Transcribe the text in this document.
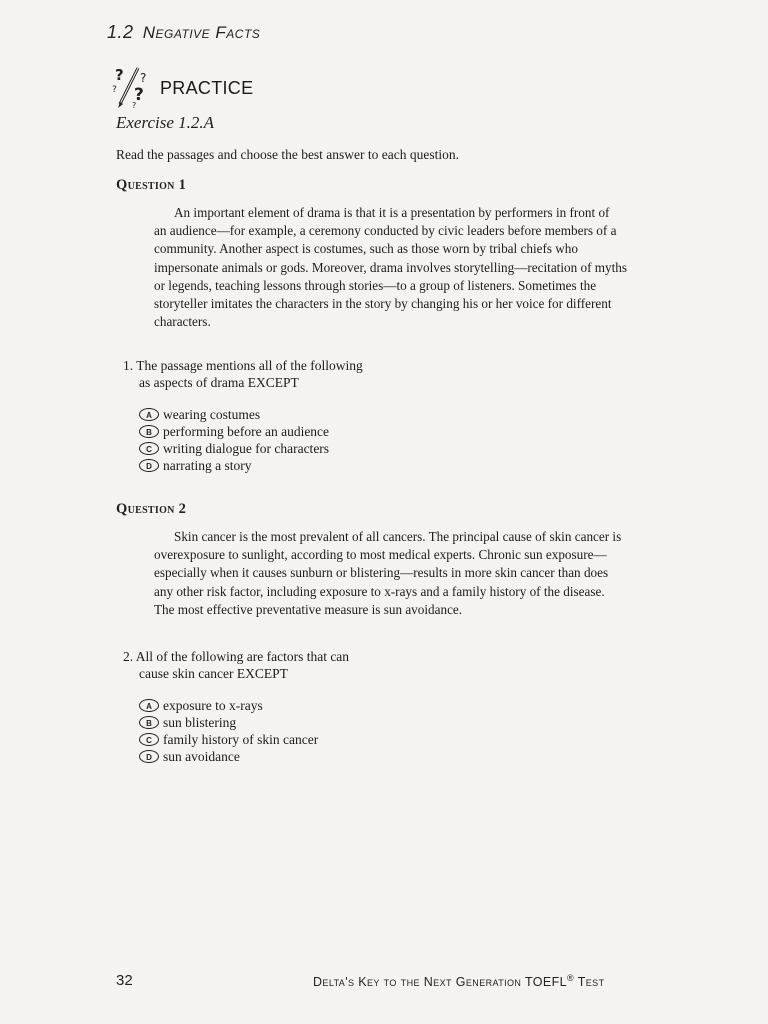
1.2 Negative Facts
?
?
?
?
?
PRACTICE
Exercise 1.2.A
Read the passages and choose the best answer to each question.
Question 1
An important element of drama is that it is a presentation by performers in front of
an audience—for example, a ceremony conducted by civic leaders before members of a
community. Another aspect is costumes, such as those worn by tribal chiefs who
impersonate animals or gods. Moreover, drama involves storytelling—recitation of myths
or legends, teaching lessons through stories—to a group of listeners. Sometimes the
storyteller imitates the characters in the story by changing his or her voice for different
characters.
1. The passage mentions all of the following
as aspects of drama EXCEPT
A wearing costumes
B performing before an audience
C writing dialogue for characters
D narrating a story
Question 2
Skin cancer is the most prevalent of all cancers. The principal cause of skin cancer is
overexposure to sunlight, according to most medical experts. Chronic sun exposure—
especially when it causes sunburn or blistering—results in more skin cancer than does
any other risk factor, including exposure to x-rays and a family history of the disease.
The most effective preventative measure is sun avoidance.
2. All of the following are factors that can
cause skin cancer EXCEPT
A exposure to x-rays
B sun blistering
C family history of skin cancer
D sun avoidance
32	Delta's Key to the Next Generation TOEFL® Test
